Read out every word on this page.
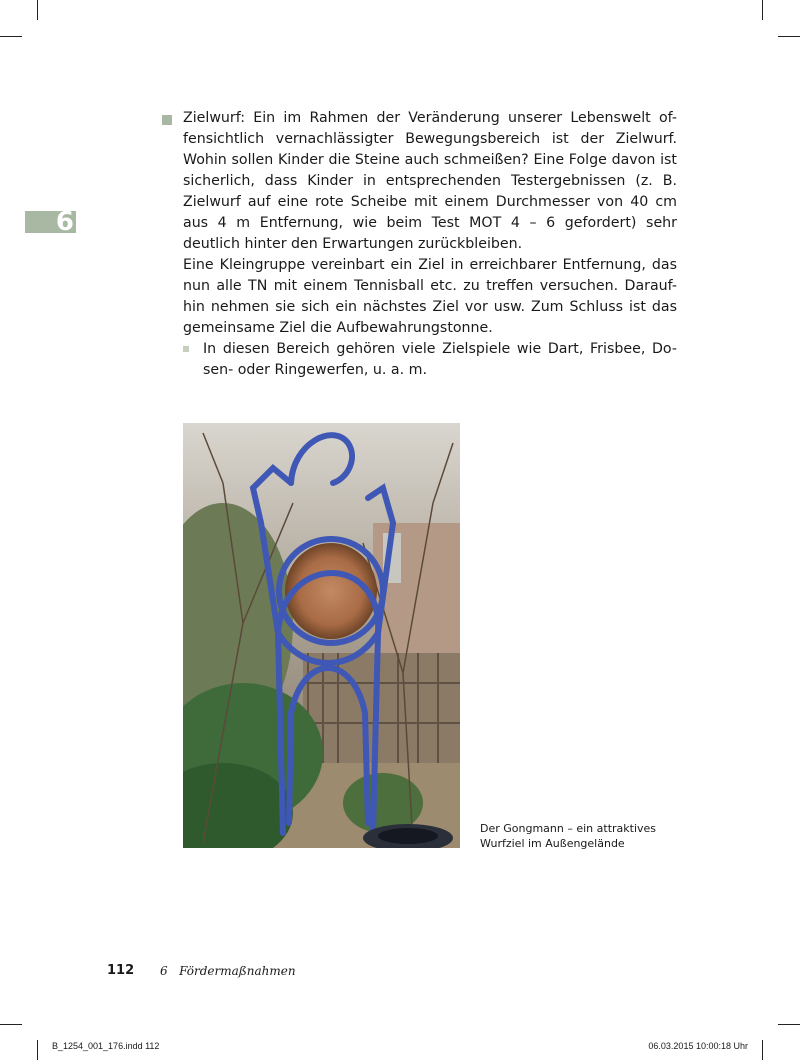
6

Zielwurf: Ein im Rahmen der Veränderung unserer Lebenswelt of- fensichtlich vernachlässigter Bewegungsbereich ist der Zielwurf. Wohin sollen Kinder die Steine auch schmeißen? Eine Folge davon ist sicherlich, dass Kinder in entsprechenden Testergebnissen (z. B. Zielwurf auf eine rote Scheibe mit einem Durchmesser von 40 cm aus 4 m Entfernung, wie beim Test MOT 4 – 6 gefordert) sehr deutlich hinter den Erwartungen zurückbleiben.

Eine Kleingruppe vereinbart ein Ziel in erreichbarer Entfernung, das nun alle TN mit einem Tennisball etc. zu treffen versuchen. Darauf- hin nehmen sie sich ein nächstes Ziel vor usw. Zum Schluss ist das gemeinsame Ziel die Aufbewahrungstonne.

In diesen Bereich gehören viele Zielspiele wie Dart, Frisbee, Do- sen- oder Ringewerfen, u. a. m.
Der Gongmann – ein attraktives
Wurfziel im Außengelände
112 6 Fördermaßnahmen
B_1254_001_176.indd 112	06.03.2015 10:00:18 Uhr
